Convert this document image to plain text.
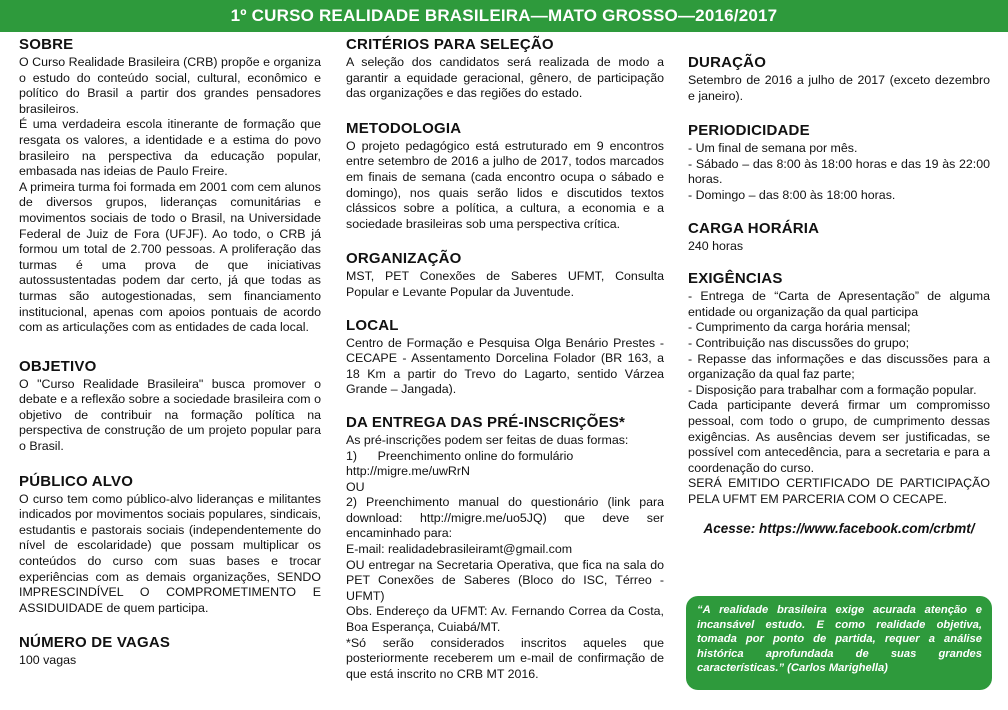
1º CURSO REALIDADE BRASILEIRA—MATO GROSSO—2016/2017
SOBRE

O Curso Realidade Brasileira (CRB) propõe e organiza o estudo do conteúdo social, cultural, econômico e político do Brasil a partir dos grandes pensadores brasileiros.

É uma verdadeira escola itinerante de formação que resgata os valores, a identidade e a estima do povo brasileiro na perspectiva da educação popular, embasada nas ideias de Paulo Freire.

A primeira turma foi formada em 2001 com cem alunos de diversos grupos, lideranças comunitárias e movimentos sociais de todo o Brasil, na Universidade Federal de Juiz de Fora (UFJF). Ao todo, o CRB já formou um total de 2.700 pessoas. A proliferação das turmas é uma prova de que iniciativas autossustentadas podem dar certo, já que todas as turmas são autogestionadas, sem financiamento institucional, apenas com apoios pontuais de acordo com as articulações com as entidades de cada local.

OBJETIVO

O "Curso Realidade Brasileira" busca promover o debate e a reflexão sobre a sociedade brasileira com o objetivo de contribuir na formação política na perspectiva de construção de um projeto popular para o Brasil.

PÚBLICO ALVO

O curso tem como público-alvo lideranças e militantes indicados por movimentos sociais populares, sindicais, estudantis e pastorais sociais (independentemente do nível de escolaridade) que possam multiplicar os conteúdos do curso com suas bases e trocar experiências com as demais organizações, SENDO IMPRESCINDÍVEL O COMPROMETIMENTO E ASSIDUIDADE de quem participa.

NÚMERO DE VAGAS

100 vagas

CRITÉRIOS PARA SELEÇÃO

A seleção dos candidatos será realizada de modo a garantir a equidade geracional, gênero, de participação das organizações e das regiões do estado.

METODOLOGIA

O projeto pedagógico está estruturado em 9 encontros entre setembro de 2016 a julho de 2017, todos marcados em finais de semana (cada encontro ocupa o sábado e domingo), nos quais serão lidos e discutidos textos clássicos sobre a política, a cultura, a economia e a sociedade brasileiras sob uma perspectiva crítica.

ORGANIZAÇÃO

MST, PET Conexões de Saberes UFMT, Consulta Popular e Levante Popular da Juventude.

LOCAL

Centro de Formação e Pesquisa Olga Benário Prestes - CECAPE - Assentamento Dorcelina Folador (BR 163, a 18 Km a partir do Trevo do Lagarto, sentido Várzea Grande – Jangada).

DA ENTREGA DAS PRÉ-INSCRIÇÕES*

As pré-inscrições podem ser feitas de duas formas:

1)      Preenchimento online do formulário

http://migre.me/uwRrN

OU

2) Preenchimento manual do questionário (link para download: http://migre.me/uo5JQ) que deve ser encaminhado para:

E-mail: realidadebrasileiramt@gmail.com

OU entregar na Secretaria Operativa, que fica na sala do PET Conexões de Saberes (Bloco do ISC, Térreo - UFMT)

Obs. Endereço da UFMT: Av. Fernando Correa da Costa, Boa Esperança, Cuiabá/MT.

*Só serão considerados inscritos aqueles que posteriormente receberem um e-mail de confirmação de que está inscrito no CRB MT 2016.

DURAÇÃO

Setembro de 2016 a julho de 2017 (exceto dezembro e janeiro).

PERIODICIDADE

- Um final de semana por mês.

- Sábado – das 8:00 às 18:00 horas e das 19 às 22:00 horas.

- Domingo – das 8:00 às 18:00 horas.

CARGA HORÁRIA

240 horas

EXIGÊNCIAS

- Entrega de “Carta de Apresentação” de alguma entidade ou organização da qual participa

- Cumprimento da carga horária mensal;

- Contribuição nas discussões do grupo;

- Repasse das informações e das discussões para a organização da qual faz parte;

- Disposição para trabalhar com a formação popular.

Cada participante deverá firmar um compromisso pessoal, com todo o grupo, de cumprimento dessas exigências. As ausências devem ser justificadas, se possível com antecedência, para a secretaria e para a coordenação do curso.

SERÁ EMITIDO CERTIFICADO DE PARTICIPAÇÃO PELA UFMT EM PARCERIA COM O CECAPE.

Acesse: https://www.facebook.com/crbmt/
“A realidade brasileira exige acurada atenção e incansável estudo. E como realidade objetiva, tomada por ponto de partida, requer a análise histórica aprofundada de suas grandes características.” (Carlos Marighella)
